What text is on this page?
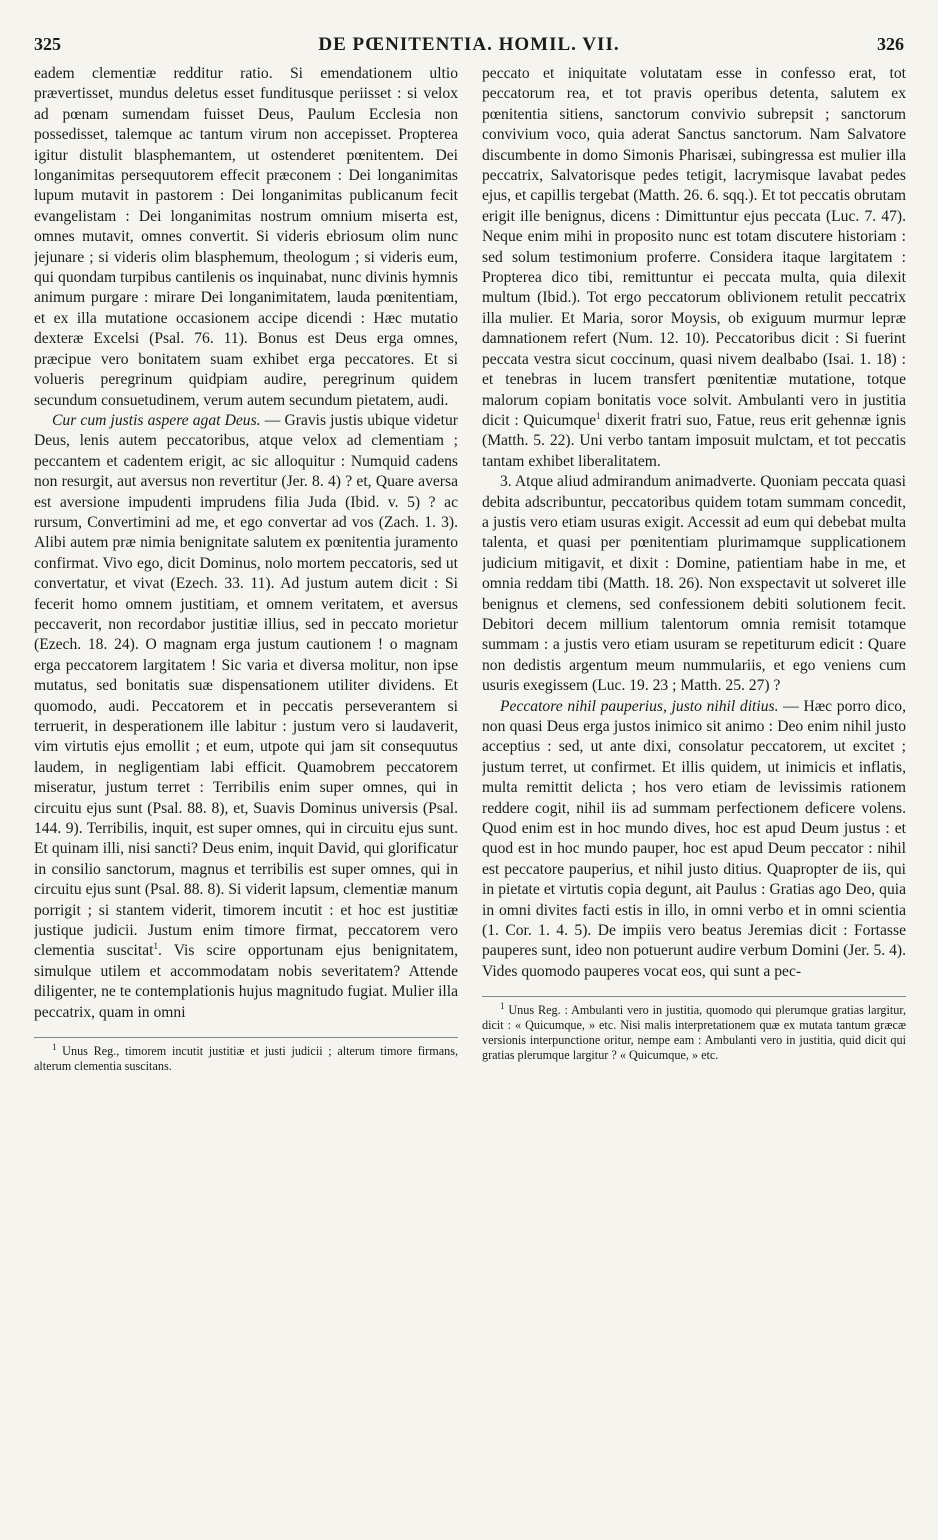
325	DE PŒNITENTIA. HOMIL. VII.	326

eadem clementiæ redditur ratio. Si emendationem ultio prævertisset, mundus deletus esset funditusque periisset : si velox ad pœnam sumendam fuisset Deus, Paulum Ecclesia non possedisset, talemque ac tantum virum non accepisset. Propterea igitur distulit blasphemantem, ut ostenderet pœnitentem. Dei longanimitas persequutorem effecit præconem : Dei longanimitas lupum mutavit in pastorem : Dei longanimitas publicanum fecit evangelistam : Dei longanimitas nostrum omnium miserta est, omnes mutavit, omnes convertit. Si videris ebriosum olim nunc jejunare ; si videris olim blasphemum, theologum ; si videris eum, qui quondam turpibus cantilenis os inquinabat, nunc divinis hymnis animum purgare : mirare Dei longanimitatem, lauda pœnitentiam, et ex illa mutatione occasionem accipe dicendi : Hæc mutatio dexteræ Excelsi (Psal. 76. 11). Bonus est Deus erga omnes, præcipue vero bonitatem suam exhibet erga peccatores. Et si volueris peregrinum quidpiam audire, peregrinum quidem secundum consuetudinem, verum autem secundum pietatem, audi.

Cur cum justis aspere agat Deus. — Gravis justis ubique videtur Deus, lenis autem peccatoribus, atque velox ad clementiam ; peccantem et cadentem erigit, ac sic alloquitur : Numquid cadens non resurgit, aut aversus non revertitur (Jer. 8. 4) ? et, Quare aversa est aversione impudenti imprudens filia Juda (Ibid. v. 5) ? ac rursum, Convertimini ad me, et ego convertar ad vos (Zach. 1. 3). Alibi autem præ nimia benignitate salutem ex pœnitentia juramento confirmat. Vivo ego, dicit Dominus, nolo mortem peccatoris, sed ut convertatur, et vivat (Ezech. 33. 11). Ad justum autem dicit : Si fecerit homo omnem justitiam, et omnem veritatem, et aversus peccaverit, non recordabor justitiæ illius, sed in peccato morietur (Ezech. 18. 24). O magnam erga justum cautionem ! o magnam erga peccatorem largitatem ! Sic varia et diversa molitur, non ipse mutatus, sed bonitatis suæ dispensationem utiliter dividens. Et quomodo, audi. Peccatorem et in peccatis perseverantem si terruerit, in desperationem ille labitur : justum vero si laudaverit, vim virtutis ejus emollit ; et eum, utpote qui jam sit consequutus laudem, in negligentiam labi efficit. Quamobrem peccatorem miseratur, justum terret : Terribilis enim super omnes, qui in circuitu ejus sunt (Psal. 88. 8), et, Suavis Dominus universis (Psal. 144. 9). Terribilis, inquit, est super omnes, qui in circuitu ejus sunt. Et quinam illi, nisi sancti? Deus enim, inquit David, qui glorificatur in consilio sanctorum, magnus et terribilis est super omnes, qui in circuitu ejus sunt (Psal. 88. 8). Si viderit lapsum, clementiæ manum porrigit ; si stantem viderit, timorem incutit : et hoc est justitiæ justique judicii. Justum enim timore firmat, peccatorem vero clementia suscitat$^1$. Vis scire opportunam ejus benignitatem, simulque utilem et accommodatam nobis severitatem? Attende diligenter, ne te contemplationis hujus magnitudo fugiat. Mulier illa peccatrix, quam in omni

$^1$ Unus Reg., timorem incutit justitiæ et justi judicii ; alterum timore firmans, alterum clementia suscitans.

peccato et iniquitate volutatam esse in confesso erat, tot peccatorum rea, et tot pravis operibus detenta, salutem ex pœnitentia sitiens, sanctorum convivio subrepsit ; sanctorum convivium voco, quia aderat Sanctus sanctorum. Nam Salvatore discumbente in domo Simonis Pharisæi, subingressa est mulier illa peccatrix, Salvatorisque pedes tetigit, lacrymisque lavabat pedes ejus, et capillis tergebat (Matth. 26. 6. sqq.). Et tot peccatis obrutam erigit ille benignus, dicens : Dimittuntur ejus peccata (Luc. 7. 47). Neque enim mihi in proposito nunc est totam discutere historiam : sed solum testimonium proferre. Considera itaque largitatem : Propterea dico tibi, remittuntur ei peccata multa, quia dilexit multum (Ibid.). Tot ergo peccatorum oblivionem retulit peccatrix illa mulier. Et Maria, soror Moysis, ob exiguum murmur lepræ damnationem refert (Num. 12. 10). Peccatoribus dicit : Si fuerint peccata vestra sicut coccinum, quasi nivem dealbabo (Isai. 1. 18) : et tenebras in lucem transfert pœnitentiæ mutatione, totque malorum copiam bonitatis voce solvit. Ambulanti vero in justitia dicit : Quicumque$^1$ dixerit fratri suo, Fatue, reus erit gehennæ ignis (Matth. 5. 22). Uni verbo tantam imposuit mulctam, et tot peccatis tantam exhibet liberalitatem.

3. Atque aliud admirandum animadverte. Quoniam peccata quasi debita adscribuntur, peccatoribus quidem totam summam concedit, a justis vero etiam usuras exigit. Accessit ad eum qui debebat multa talenta, et quasi per pœnitentiam plurimamque supplicationem judicium mitigavit, et dixit : Domine, patientiam habe in me, et omnia reddam tibi (Matth. 18. 26). Non exspectavit ut solveret ille benignus et clemens, sed confessionem debiti solutionem fecit. Debitori decem millium talentorum omnia remisit totamque summam : a justis vero etiam usuram se repetiturum edicit : Quare non dedistis argentum meum nummulariis, et ego veniens cum usuris exegissem (Luc. 19. 23 ; Matth. 25. 27) ?

Peccatore nihil pauperius, justo nihil ditius. — Hæc porro dico, non quasi Deus erga justos inimico sit animo : Deo enim nihil justo acceptius : sed, ut ante dixi, consolatur peccatorem, ut excitet ; justum terret, ut confirmet. Et illis quidem, ut inimicis et inflatis, multa remittit delicta ; hos vero etiam de levissimis rationem reddere cogit, nihil iis ad summam perfectionem deficere volens. Quod enim est in hoc mundo dives, hoc est apud Deum justus : et quod est in hoc mundo pauper, hoc est apud Deum peccator : nihil est peccatore pauperius, et nihil justo ditius. Quapropter de iis, qui in pietate et virtutis copia degunt, ait Paulus : Gratias ago Deo, quia in omni divites facti estis in illo, in omni verbo et in omni scientia (1. Cor. 1. 4. 5). De impiis vero beatus Jeremias dicit : Fortasse pauperes sunt, ideo non potuerunt audire verbum Domini (Jer. 5. 4). Vides quomodo pauperes vocat eos, qui sunt a pec-

$^1$ Unus Reg. : Ambulanti vero in justitia, quomodo qui plerumque gratias largitur, dicit : « Quicumque, » etc. Nisi malis interpretationem quæ ex mutata tantum græcæ versionis interpunctione oritur, nempe eam : Ambulanti vero in justitia, quid dicit qui gratias plerumque largitur ? « Quicumque, » etc.
